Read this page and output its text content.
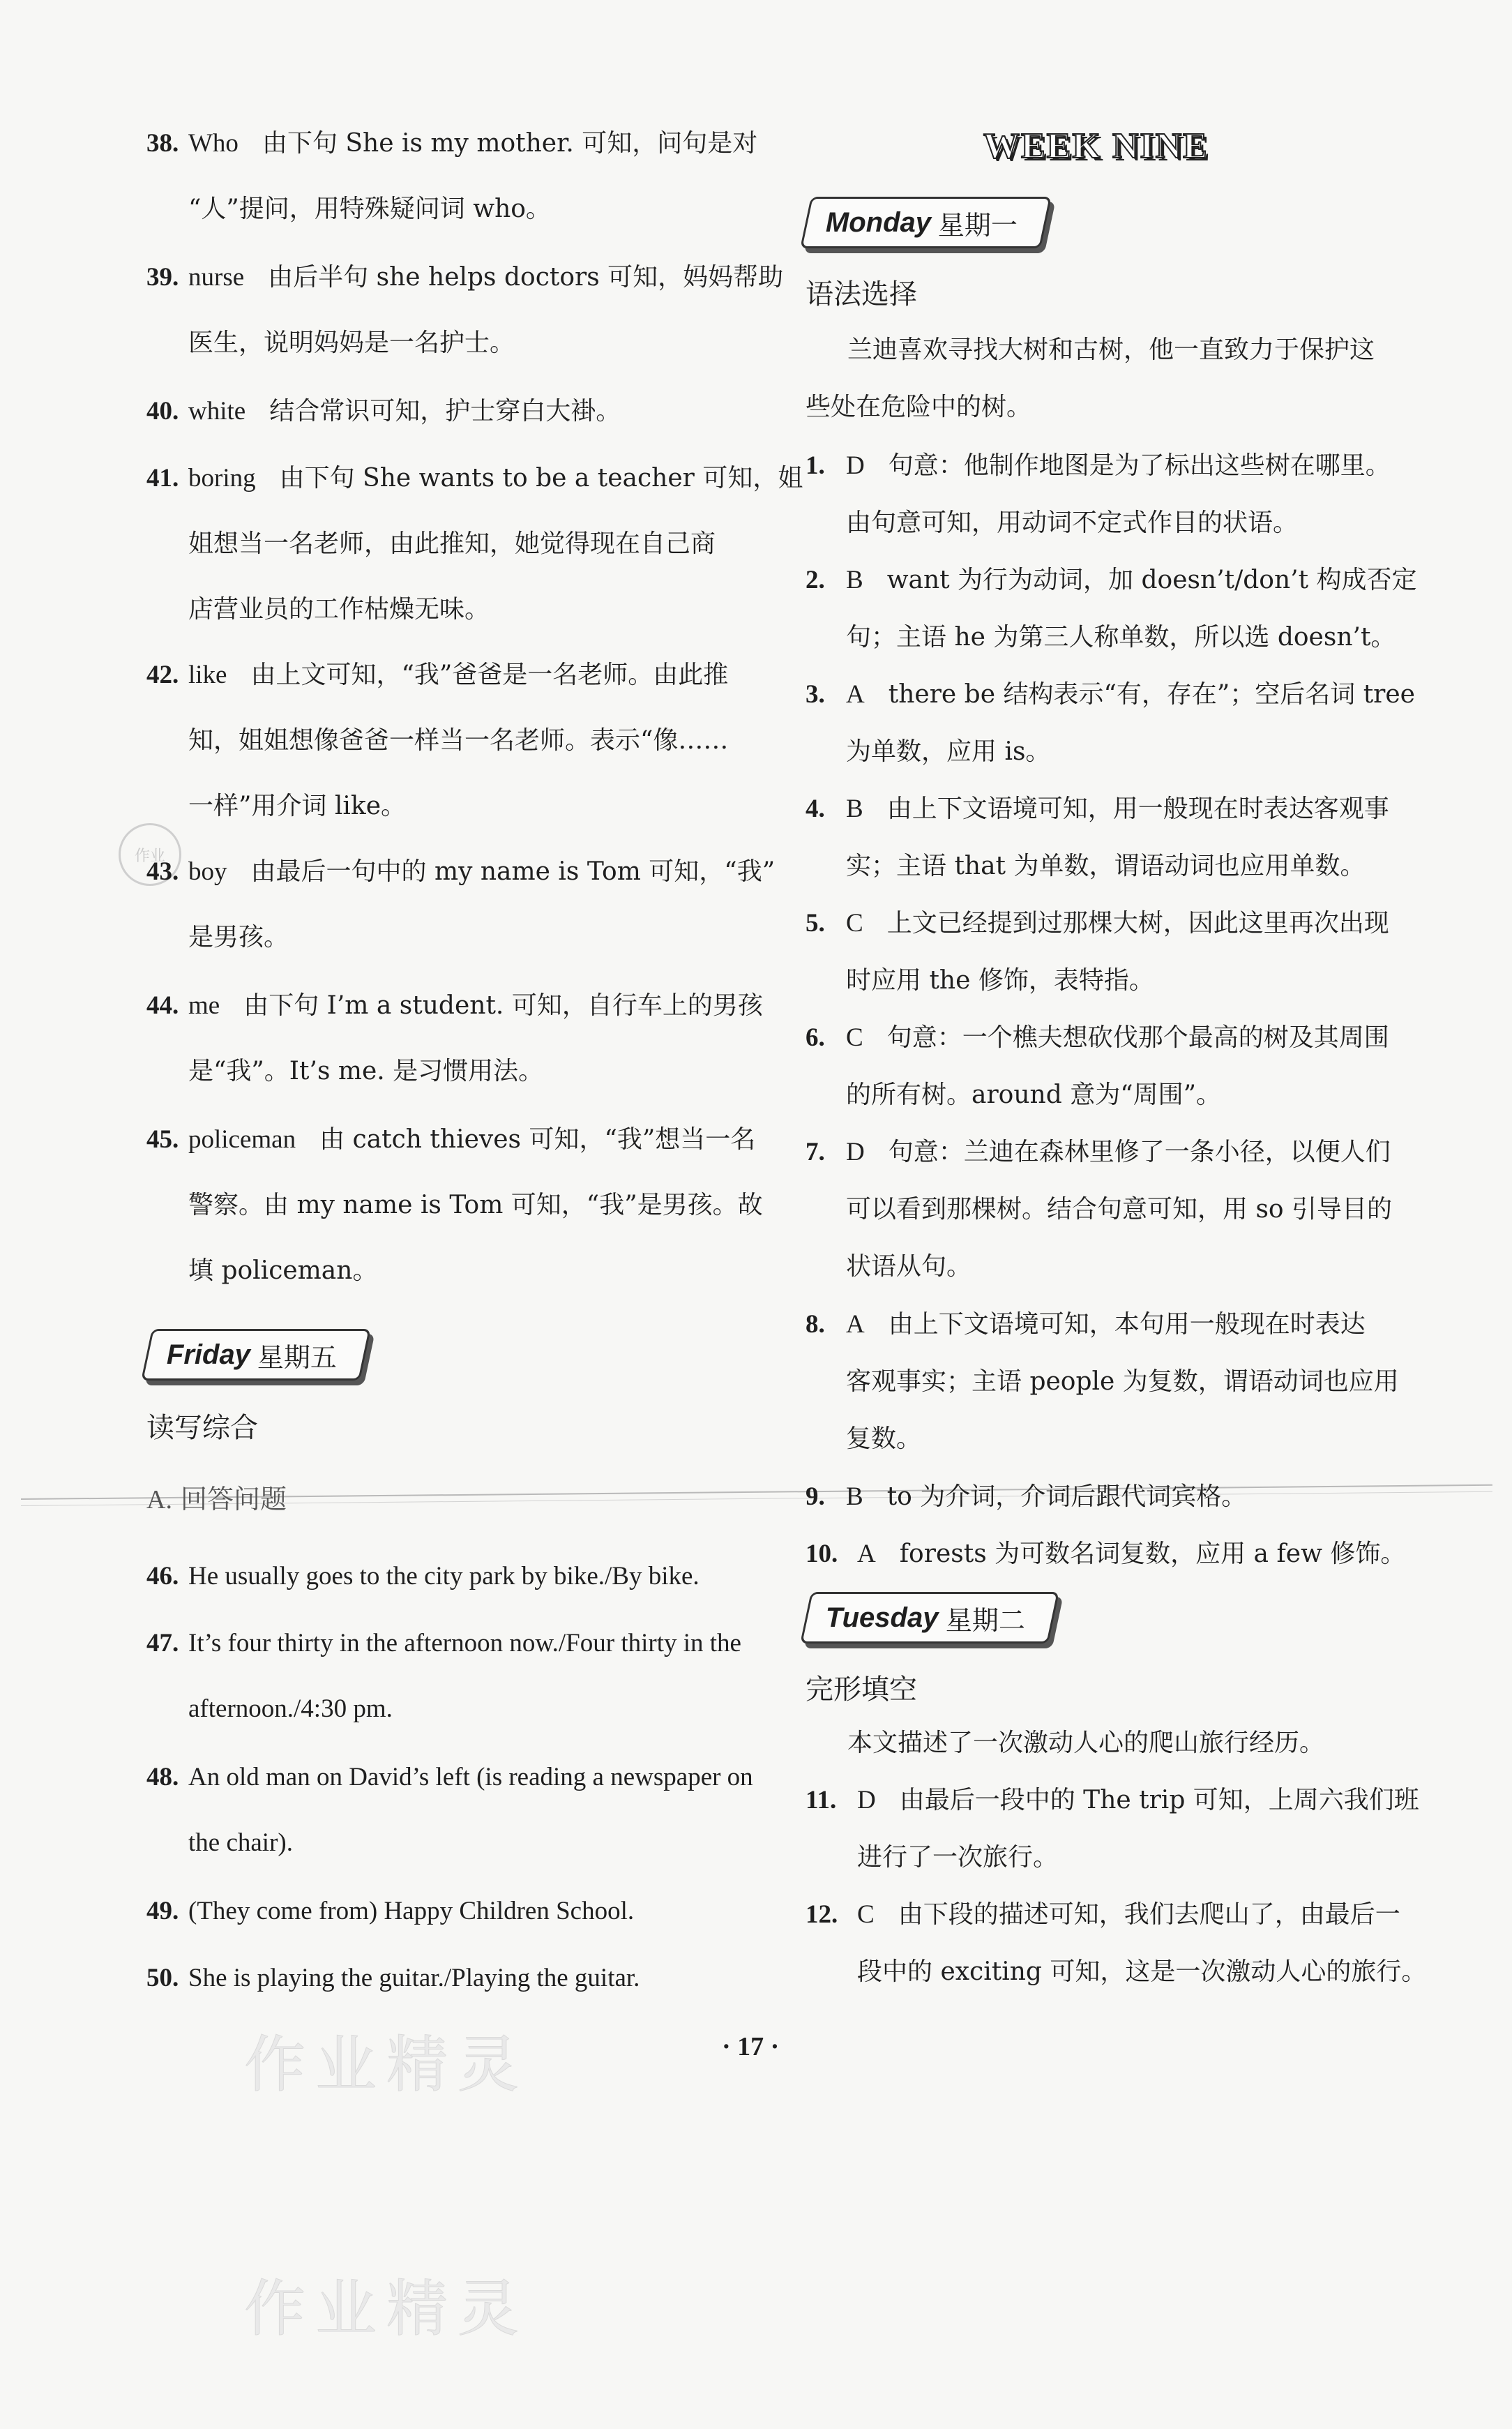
作业精灵
作业精灵
作业
38. Who 由下句 She is my mother. 可知，问句是对
“人”提问，用特殊疑问词 who。
39. nurse 由后半句 she helps doctors 可知，妈妈帮助
医生，说明妈妈是一名护士。
40. white 结合常识可知，护士穿白大褂。
41. boring 由下句 She wants to be a teacher 可知，姐
姐想当一名老师，由此推知，她觉得现在自己商
店营业员的工作枯燥无味。
42. like 由上文可知，“我”爸爸是一名老师。由此推
知，姐姐想像爸爸一样当一名老师。表示“像……
一样”用介词 like。
43. boy 由最后一句中的 my name is Tom 可知，“我”
是男孩。
44. me 由下句 I’m a student. 可知，自行车上的男孩
是“我”。It’s me. 是习惯用法。
45. policeman 由 catch thieves 可知，“我”想当一名
警察。由 my name is Tom 可知，“我”是男孩。故
填 policeman。
Friday 星期五
读写综合
A. 回答问题
46. He usually goes to the city park by bike./By bike.
47. It’s four thirty in the afternoon now./Four thirty in the
afternoon./4:30 pm.
48. An old man on David’s left (is reading a newspaper on
the chair).
49. (They come from) Happy Children School.
50. She is playing the guitar./Playing the guitar.
WEEK NINE
Monday 星期一
语法选择
兰迪喜欢寻找大树和古树，他一直致力于保护这
些处在危险中的树。
1. D 句意：他制作地图是为了标出这些树在哪里。
由句意可知，用动词不定式作目的状语。
2. B want 为行为动词，加 doesn’t/don’t 构成否定
句；主语 he 为第三人称单数，所以选 doesn’t。
3. A there be 结构表示“有，存在”；空后名词 tree
为单数，应用 is。
4. B 由上下文语境可知，用一般现在时表达客观事
实；主语 that 为单数，谓语动词也应用单数。
5. C 上文已经提到过那棵大树，因此这里再次出现
时应用 the 修饰，表特指。
6. C 句意：一个樵夫想砍伐那个最高的树及其周围
的所有树。around 意为“周围”。
7. D 句意：兰迪在森林里修了一条小径，以便人们
可以看到那棵树。结合句意可知，用 so 引导目的
状语从句。
8. A 由上下文语境可知，本句用一般现在时表达
客观事实；主语 people 为复数，谓语动词也应用
复数。
9. B to 为介词，介词后跟代词宾格。
10. A forests 为可数名词复数，应用 a few 修饰。
Tuesday 星期二
完形填空
本文描述了一次激动人心的爬山旅行经历。
11. D 由最后一段中的 The trip 可知，上周六我们班
进行了一次旅行。
12. C 由下段的描述可知，我们去爬山了，由最后一
段中的 exciting 可知，这是一次激动人心的旅行。
· 17 ·
